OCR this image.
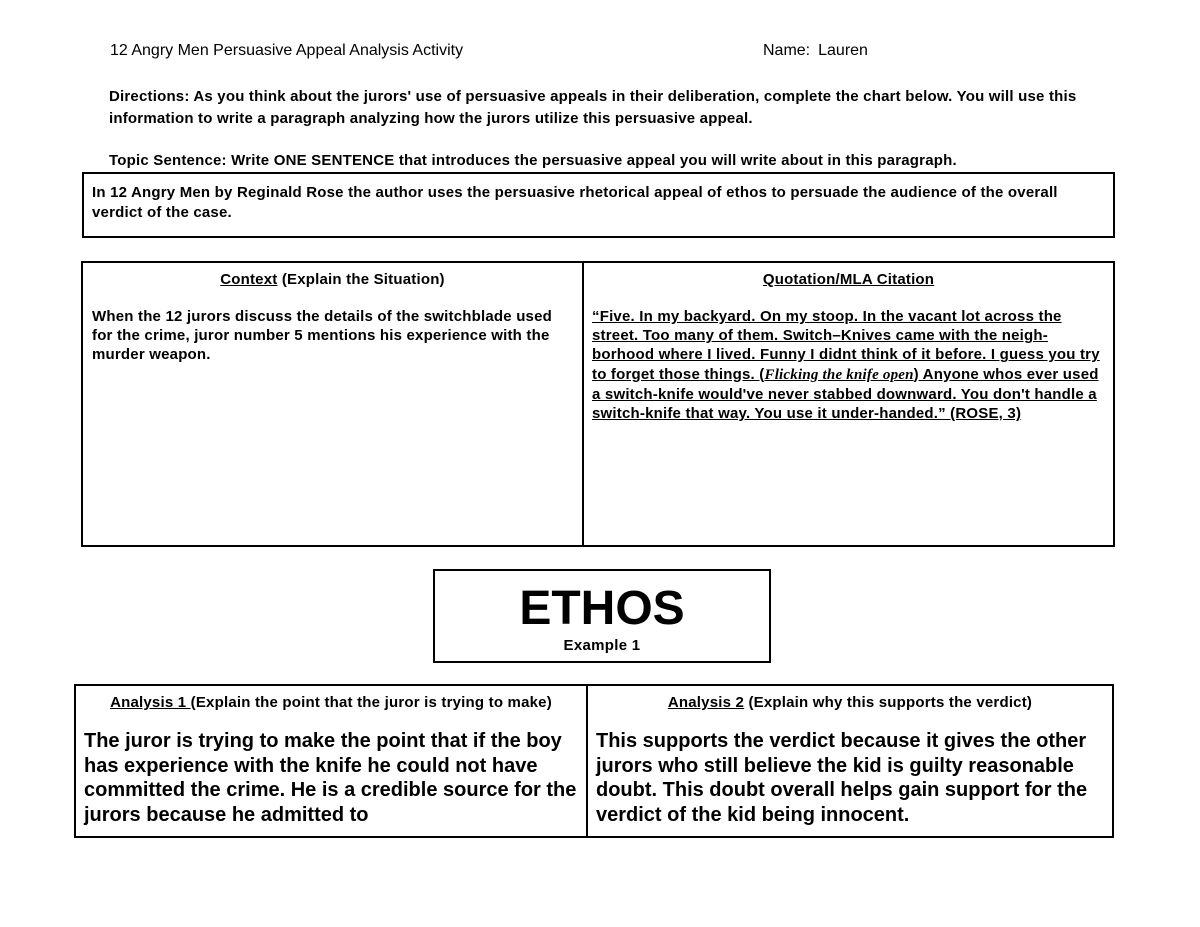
12 Angry Men Persuasive Appeal Analysis Activity	Name: Lauren
Directions: As you think about the jurors' use of persuasive appeals in their deliberation, complete the chart below. You will use this information to write a paragraph analyzing how the jurors utilize this persuasive appeal.
Topic Sentence: Write ONE SENTENCE that introduces the persuasive appeal you will write about in this paragraph.
In 12 Angry Men by Reginald Rose the author uses the persuasive rhetorical appeal of ethos to persuade the audience of the overall verdict of the case.
Context (Explain the Situation)
When the 12 jurors discuss the details of the switchblade used for the crime, juror number 5 mentions his experience with the murder weapon.
Quotation/MLA Citation
“Five. In my backyard. On my stoop. In the vacant lot across the street. Too many of them. Switch–Knives came with the neigh-borhood where I lived. Funny I didnt think of it before. I guess you try to forget those things. (Flicking the knife open) Anyone whos ever used a switch-knife would've never stabbed downward. You don't handle a switch-knife that way. You use it under-handed.” (ROSE, 3)
ETHOS
Example 1
Analysis 1 (Explain the point that the juror is trying to make)
The juror is trying to make the point that if the boy has experience with the knife he could not have committed the crime. He is a credible source for the jurors because he admitted to
Analysis 2 (Explain why this supports the verdict)
This supports the verdict because it gives the other jurors who still believe the kid is guilty reasonable doubt. This doubt overall helps gain support for the verdict of the kid being innocent.
